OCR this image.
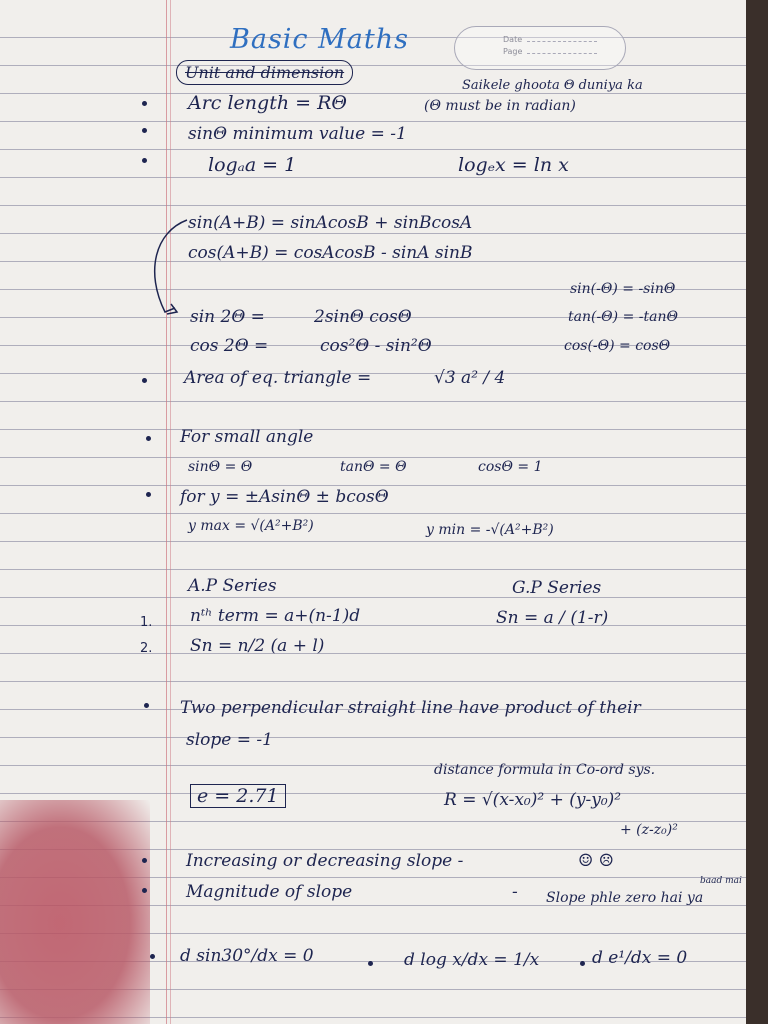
Basic Maths
Unit and dimension
Date
Page
Saikele ghoota Θ duniya ka
1.
2.
Arc length = RΘ	(Θ must be in radian)
sinΘ minimum value = -1
logₐa = 1	logₑx = ln x
sin(A+B) = sinAcosB + sinBcosA
cos(A+B) = cosAcosB - sinA sinB
sin(-Θ) = -sinΘ
sin 2Θ =	2sinΘ cosΘ	tan(-Θ) = -tanΘ
cos 2Θ =	cos²Θ - sin²Θ	cos(-Θ) = cosΘ
Area of eq. triangle =	√3 a² / 4
For small angle
sinΘ = Θ	tanΘ = Θ	cosΘ = 1
for y = ±AsinΘ ± bcosΘ
y max = √(A²+B²)	y min = -√(A²+B²)
A.P Series	G.P Series
nᵗʰ term = a+(n-1)d	Sn = a / (1-r)
Sn = n/2 (a + l)
Two perpendicular straight line have product of their
slope = -1
distance formula in Co-ord sys.
e = 2.71	R = √(x-x₀)² + (y-y₀)²
+ (z-z₀)²
Increasing or decreasing slope -	☺ ☹
Magnitude of slope	- Slope phle zero hai ya
baad mai
d sin30°/dx = 0	d log x/dx = 1/x	d e¹/dx = 0
